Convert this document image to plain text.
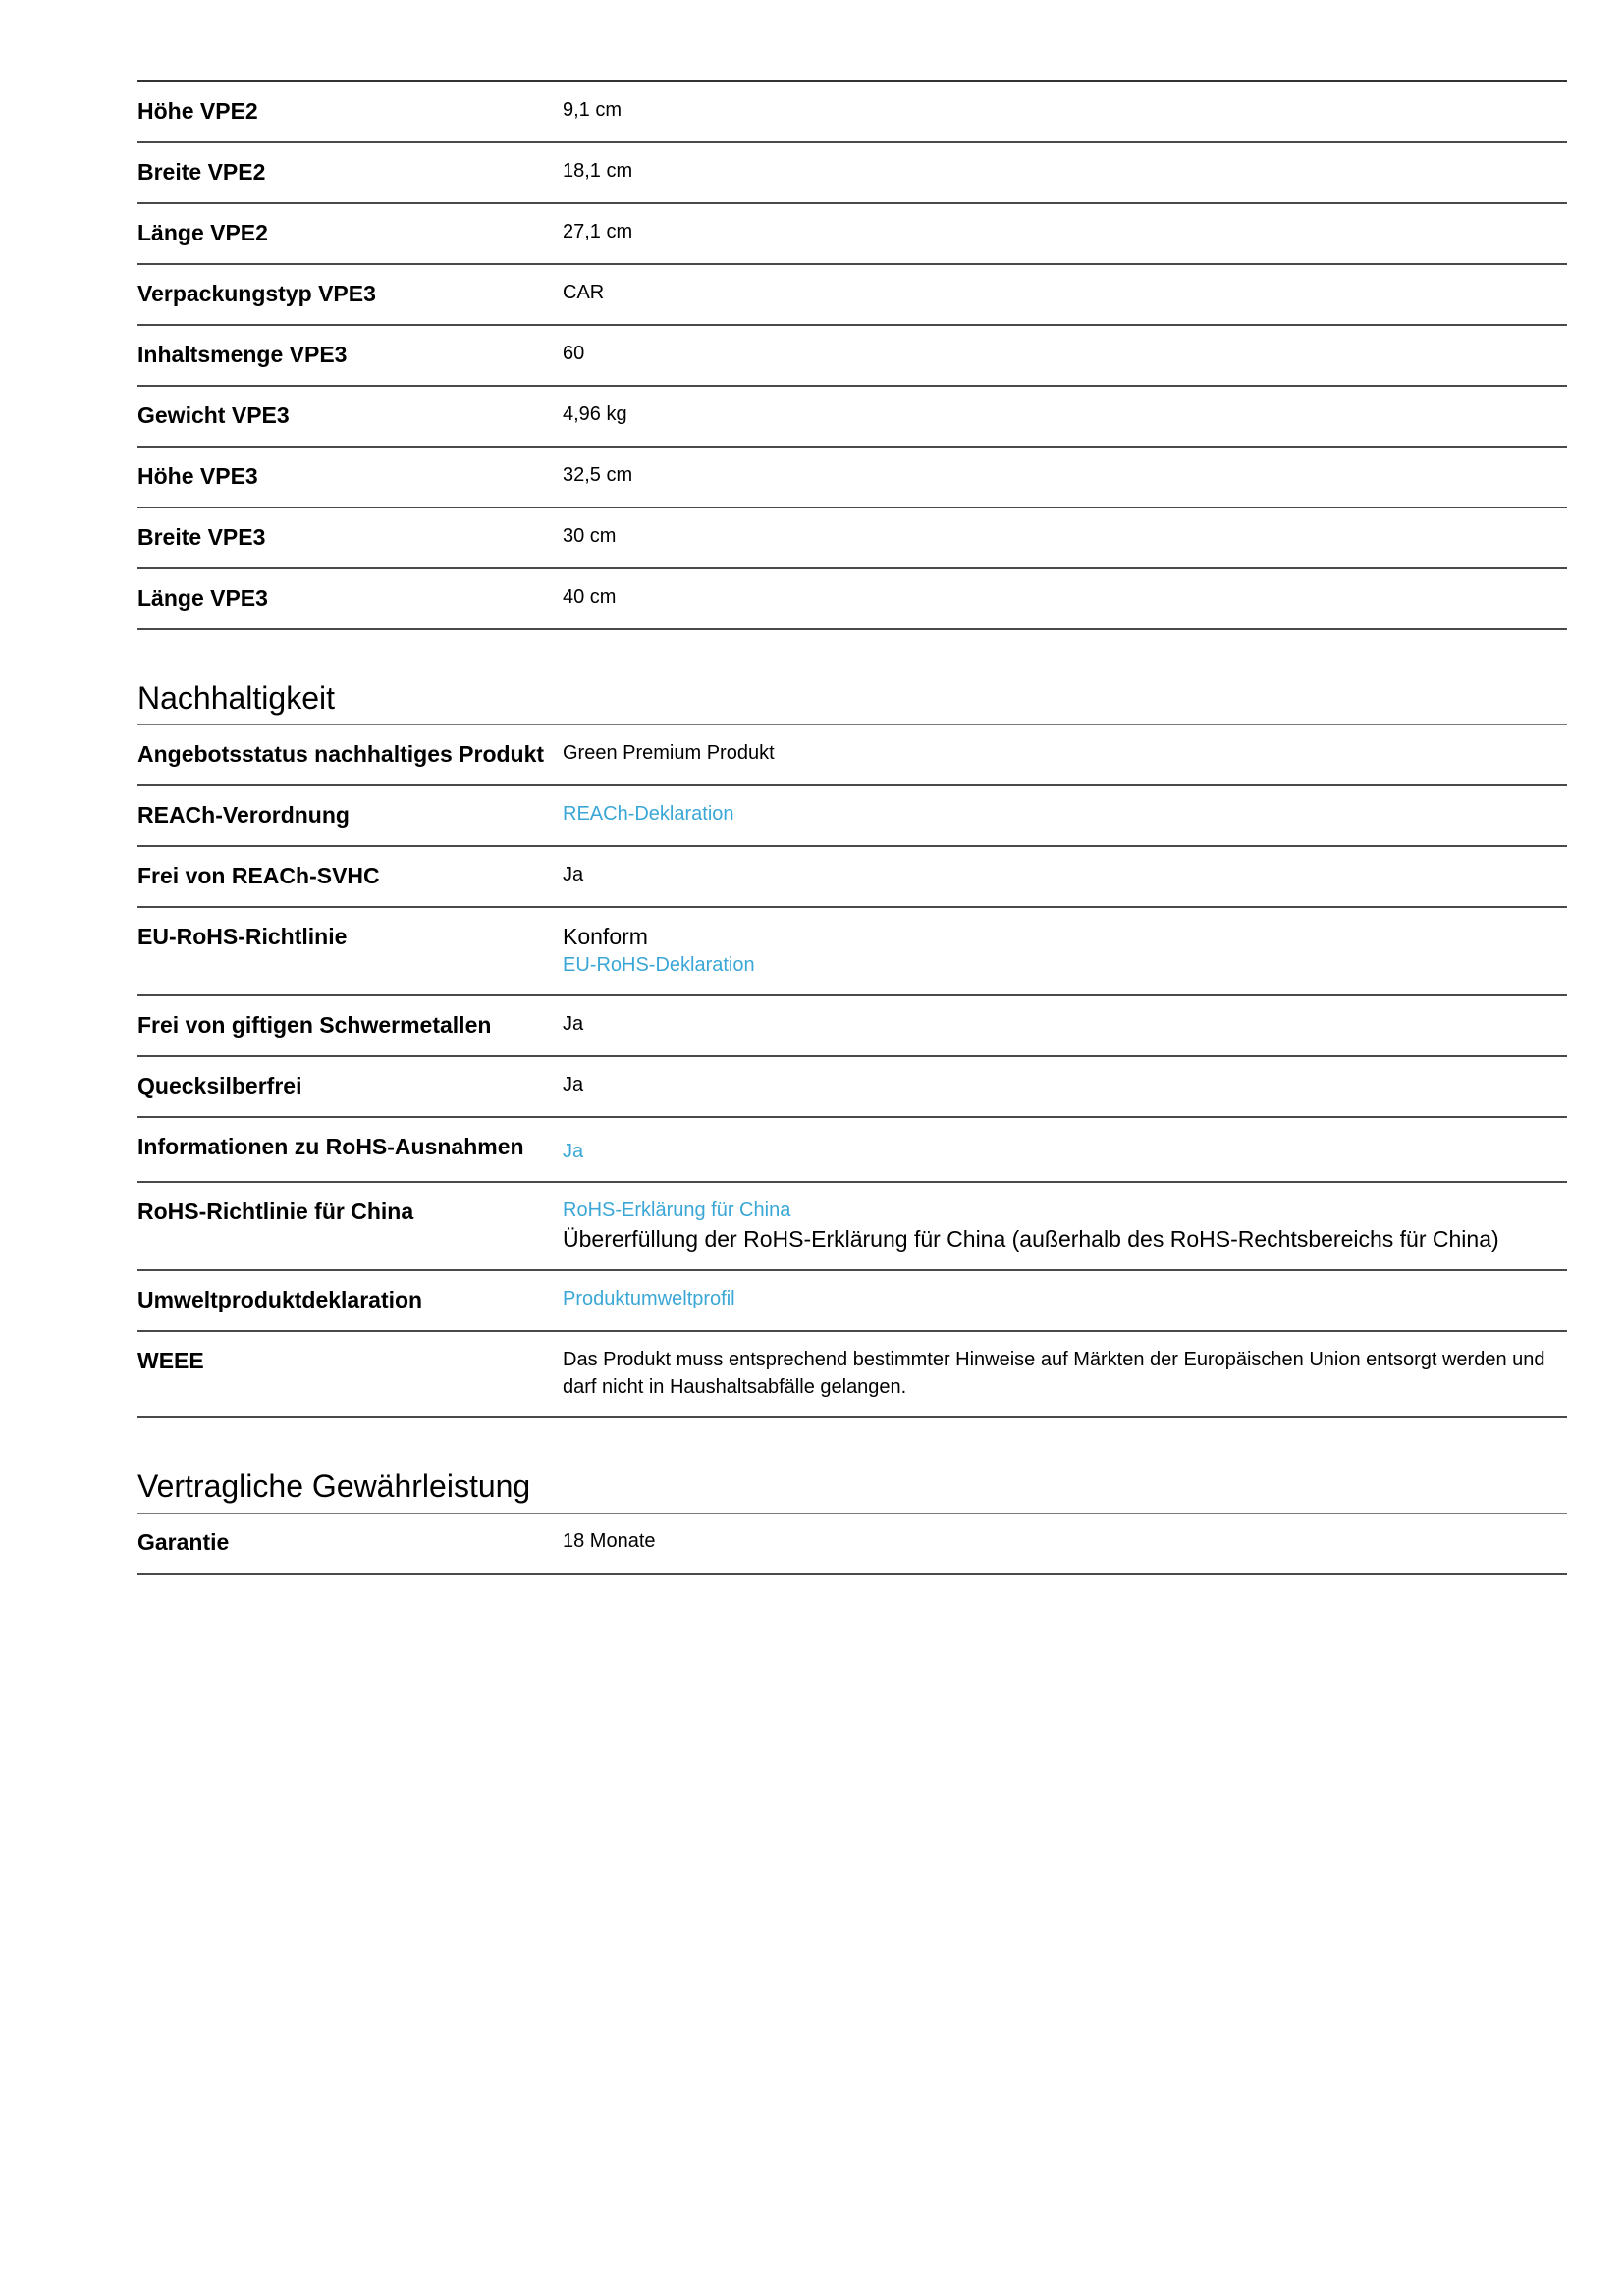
Höhe VPE2	9,1 cm
Breite VPE2	18,1 cm
Länge VPE2	27,1 cm
Verpackungstyp VPE3	CAR
Inhaltsmenge VPE3	60
Gewicht VPE3	4,96 kg
Höhe VPE3	32,5 cm
Breite VPE3	30 cm
Länge VPE3	40 cm
Nachhaltigkeit
Angebotsstatus nachhaltiges Produkt	Green Premium Produkt
REACh-Verordnung	REACh-Deklaration
Frei von REACh-SVHC	Ja
EU-RoHS-Richtlinie	Konform
EU-RoHS-Deklaration

Frei von giftigen Schwermetallen	Ja
Quecksilberfrei	Ja
Informationen zu RoHS-Ausnahmen	Ja
RoHS-Richtlinie für China	RoHS-Erklärung für China
Übererfüllung der RoHS-Erklärung für China (außerhalb des RoHS-Rechtsbereichs für China)

Umweltproduktdeklaration	Produktumweltprofil
WEEE	Das Produkt muss entsprechend bestimmter Hinweise auf Märkten der Europäischen Union entsorgt werden und darf nicht in Haushaltsabfälle gelangen.
Vertragliche Gewährleistung
Garantie	18 Monate
